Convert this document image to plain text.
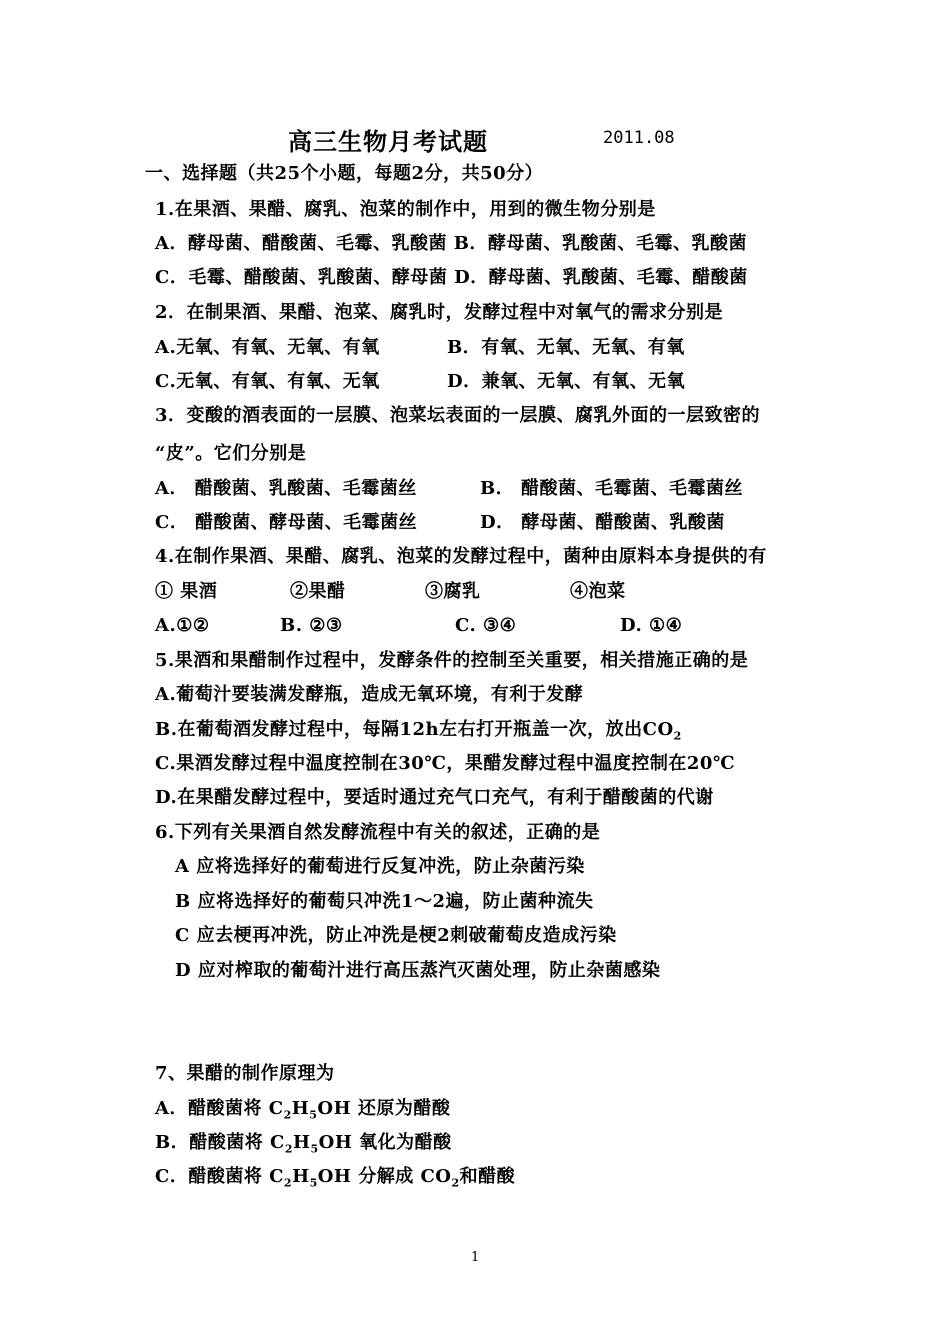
高三生物月考试题	2011.08
一、选择题（共25个小题，每题2分，共50分）
1.在果酒、果醋、腐乳、泡菜的制作中，用到的微生物分别是
A．酵母菌、醋酸菌、毛霉、乳酸菌 B．酵母菌、乳酸菌、毛霉、乳酸菌
C．毛霉、醋酸菌、乳酸菌、酵母菌 D．酵母菌、乳酸菌、毛霉、醋酸菌
2．在制果酒、果醋、泡菜、腐乳时，发酵过程中对氧气的需求分别是
A.无氧、有氧、无氧、有氧	B．有氧、无氧、无氧、有氧
C.无氧、有氧、有氧、无氧	D．兼氧、无氧、有氧、无氧
3．变酸的酒表面的一层膜、泡菜坛表面的一层膜、腐乳外面的一层致密的
“皮”。它们分别是
A． 醋酸菌、乳酸菌、毛霉菌丝	B． 醋酸菌、毛霉菌、毛霉菌丝
C． 醋酸菌、酵母菌、毛霉菌丝	D． 酵母菌、醋酸菌、乳酸菌
4.在制作果酒、果醋、腐乳、泡菜的发酵过程中，菌种由原料本身提供的有
① 果酒	②果醋	③腐乳	④泡菜
A.①②	B. ②③	C. ③④	D. ①④
5.果酒和果醋制作过程中，发酵条件的控制至关重要，相关措施正确的是
A.葡萄汁要装满发酵瓶，造成无氧环境，有利于发酵
B.在葡萄酒发酵过程中，每隔12h左右打开瓶盖一次，放出$CO_2$
C.果酒发酵过程中温度控制在30℃，果醋发酵过程中温度控制在20℃
D.在果醋发酵过程中，要适时通过充气口充气，有利于醋酸菌的代谢
6.下列有关果酒自然发酵流程中有关的叙述，正确的是
A 应将选择好的葡萄进行反复冲洗，防止杂菌污染
B 应将选择好的葡萄只冲洗1～2遍，防止菌种流失
C 应去梗再冲洗，防止冲洗是梗2刺破葡萄皮造成污染
D 应对榨取的葡萄汁进行高压蒸汽灭菌处理，防止杂菌感染
7、果醋的制作原理为
A．醋酸菌将 $C_2H_5OH$ 还原为醋酸
B．醋酸菌将 $C_2H_5OH$ 氧化为醋酸
C．醋酸菌将 $C_2H_5OH$ 分解成 $CO_2$和醋酸
1
